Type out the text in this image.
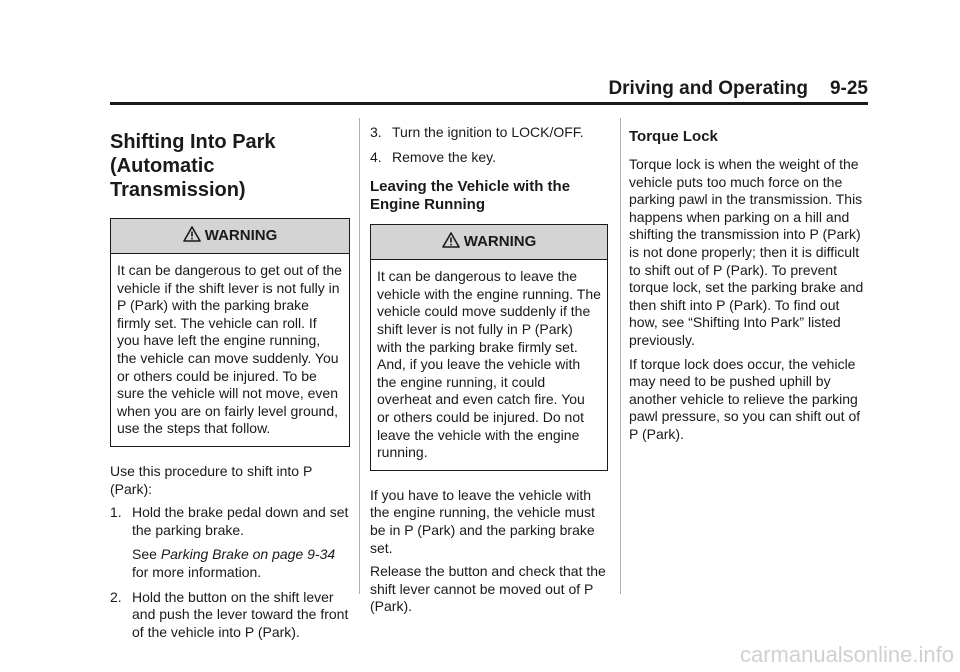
Driving and Operating 9-25
Shifting Into Park (Automatic Transmission)
WARNING
It can be dangerous to get out of the vehicle if the shift lever is not fully in P (Park) with the parking brake firmly set. The vehicle can roll. If you have left the engine running, the vehicle can move suddenly. You or others could be injured. To be sure the vehicle will not move, even when you are on fairly level ground, use the steps that follow.

Use this procedure to shift into P (Park):

1. Hold the brake pedal down and set the parking brake.

See Parking Brake on page 9-34 for more information.

2. Hold the button on the shift lever and push the lever toward the front of the vehicle into P (Park).
3. Turn the ignition to LOCK/OFF.
4. Remove the key.
Leaving the Vehicle with the Engine Running
WARNING
It can be dangerous to leave the vehicle with the engine running. The vehicle could move suddenly if the shift lever is not fully in P (Park) with the parking brake firmly set. And, if you leave the vehicle with the engine running, it could overheat and even catch fire. You or others could be injured. Do not leave the vehicle with the engine running.

If you have to leave the vehicle with the engine running, the vehicle must be in P (Park) and the parking brake set.

Release the button and check that the shift lever cannot be moved out of P (Park).

Torque Lock

Torque lock is when the weight of the vehicle puts too much force on the parking pawl in the transmission. This happens when parking on a hill and shifting the transmission into P (Park) is not done properly; then it is difficult to shift out of P (Park). To prevent torque lock, set the parking brake and then shift into P (Park). To find out how, see “Shifting Into Park” listed previously.

If torque lock does occur, the vehicle may need to be pushed uphill by another vehicle to relieve the parking pawl pressure, so you can shift out of P (Park).

carmanualsonline.info
